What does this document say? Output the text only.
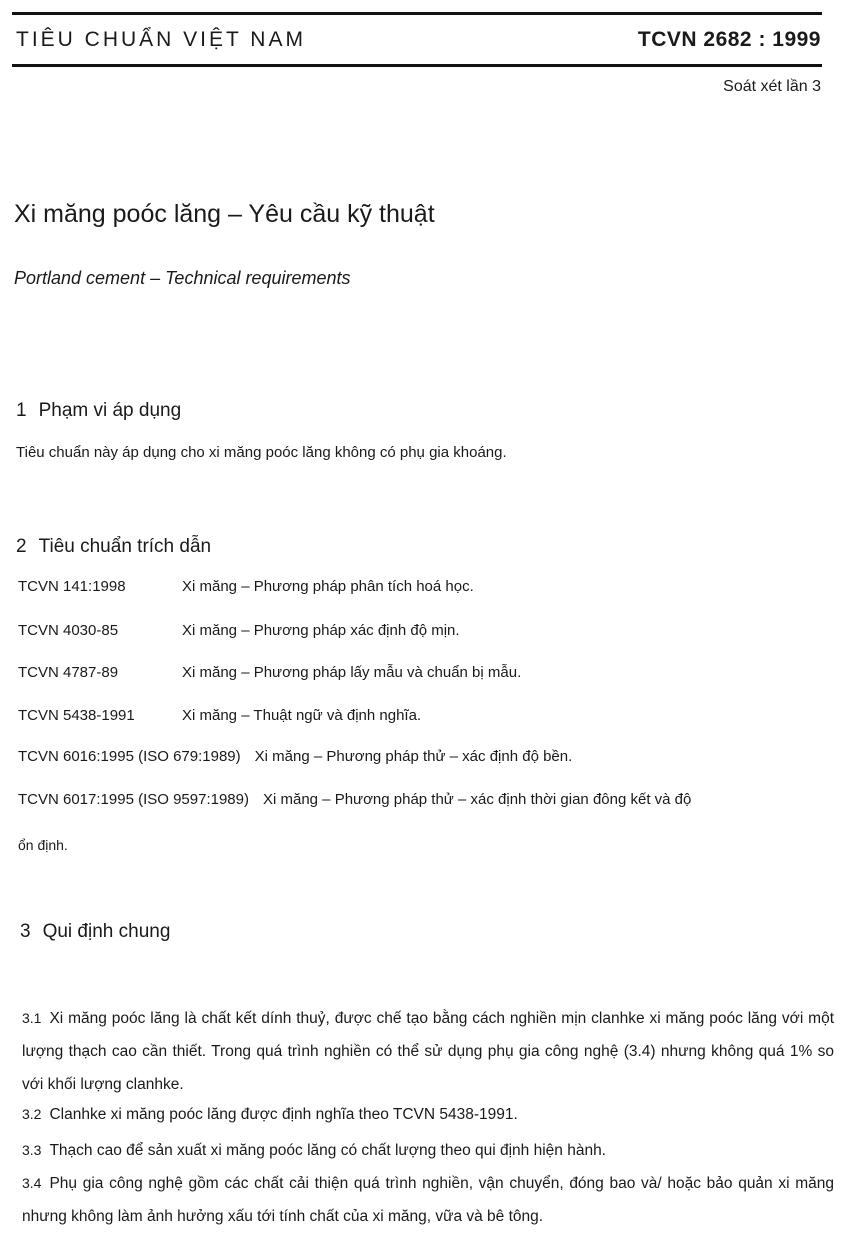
TIÊU CHUẨN VIỆT NAM	TCVN 2682 : 1999
Soát xét lần 3
Xi măng poóc lăng – Yêu cầu kỹ thuật
Portland cement – Technical requirements
1 Phạm vi áp dụng
Tiêu chuẩn này áp dụng cho xi măng poóc lăng không có phụ gia khoáng.
2 Tiêu chuẩn trích dẫn
TCVN 141:1998	Xi măng – Phương pháp phân tích hoá học.
TCVN 4030-85	Xi măng – Phương pháp xác định độ mịn.
TCVN 4787-89	Xi măng – Phương pháp lấy mẫu và chuẩn bị mẫu.
TCVN 5438-1991	Xi măng – Thuật ngữ và định nghĩa.
TCVN 6016:1995 (ISO 679:1989) Xi măng – Phương pháp thử – xác định độ bền.
TCVN 6017:1995 (ISO 9597:1989) Xi măng – Phương pháp thử – xác định thời gian đông kết và độ
ổn định.
3 Qui định chung
3.1 Xi măng poóc lăng là chất kết dính thuỷ, được chế tạo bằng cách nghiền mịn clanhke xi măng poóc lăng với một lượng thạch cao cần thiết. Trong quá trình nghiền có thể sử dụng phụ gia công nghệ (3.4) nhưng không quá 1% so với khối lượng clanhke.
3.2 Clanhke xi măng poóc lăng được định nghĩa theo TCVN 5438-1991.
3.3 Thạch cao để sản xuất xi măng poóc lăng có chất lượng theo qui định hiện hành.
3.4 Phụ gia công nghệ gồm các chất cải thiện quá trình nghiền, vận chuyển, đóng bao và/ hoặc bảo quản xi măng nhưng không làm ảnh hưởng xấu tới tính chất của xi măng, vữa và bê tông.
